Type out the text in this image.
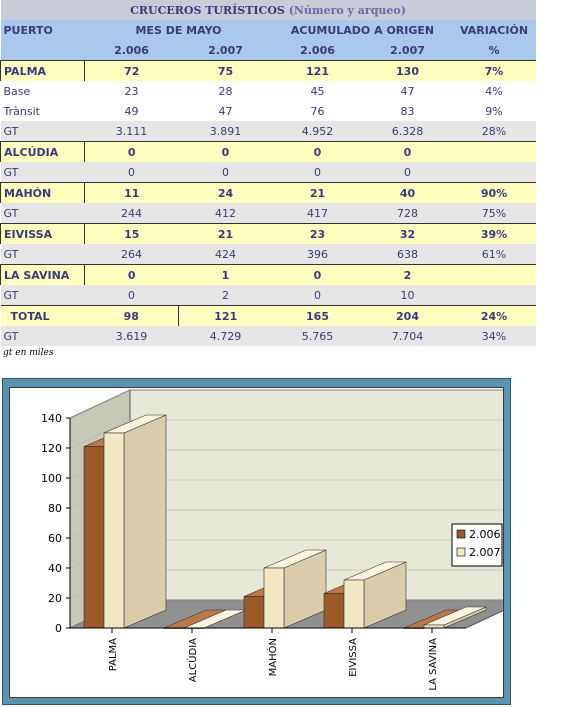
CRUCEROS TURÍSTICOS (Número y arqueo)					
PUERTO	MES DE MAYO		ACUMULADO A ORIGEN		VARIACIÓN
	2.006	2.007	2.006	2.007	%
PALMA	72	75	121	130	7%
Base	23	28	45	47	4%
Trànsit	49	47	76	83	9%
GT	3.111	3.891	4.952	6.328	28%
ALCÚDIA	0	0	0	0	
GT	0	0	0	0	
MAHÓN	11	24	21	40	90%
GT	244	412	417	728	75%
EIVISSA	15	21	23	32	39%
GT	264	424	396	638	61%
LA SAVINA	0	1	0	2	
GT	0	2	0	10	
TOTAL	98	121	165	204	24%
GT	3.619	4.729	5.765	7.704	34%
gt en miles
0
20
40
60
80
100
120
140
PALMA	ALCÚDIA	MAHÓN	EIVISSA	LA SAVINA
2.006
2.007
